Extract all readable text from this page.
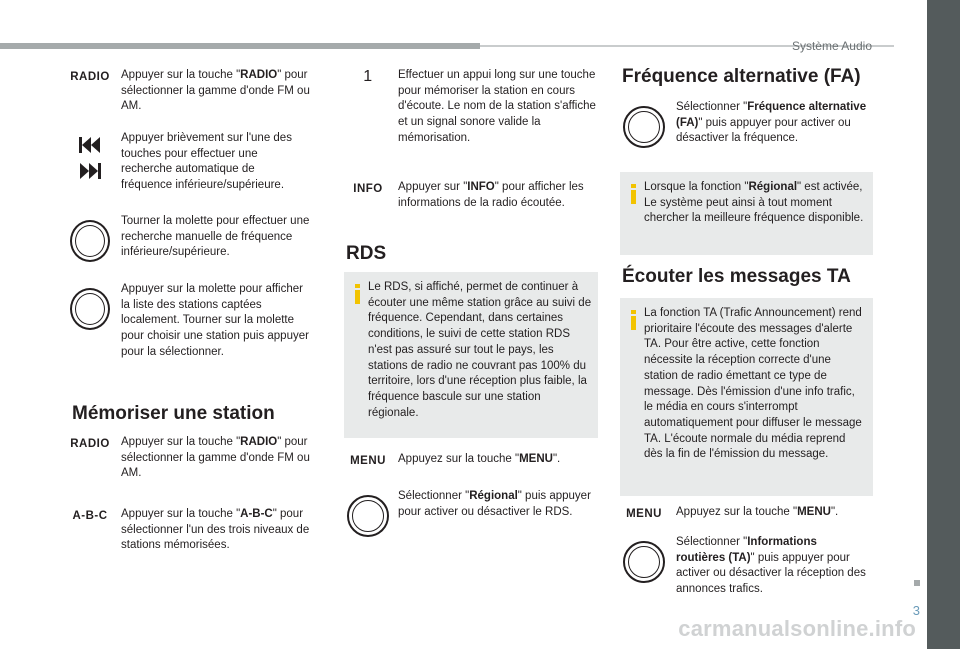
Système Audio
3
RADIO Appuyer sur la touche "RADIO" pour sélectionner la gamme d'onde FM ou AM.
Appuyer brièvement sur l'une des touches pour effectuer une recherche automatique de fréquence inférieure/supérieure.
Tourner la molette pour effectuer une recherche manuelle de fréquence inférieure/supérieure.
Appuyer sur la molette pour afficher la liste des stations captées localement. Tourner sur la molette pour choisir une station puis appuyer pour la sélectionner.
Mémoriser une station
RADIO Appuyer sur la touche "RADIO" pour sélectionner la gamme d'onde FM ou AM.
A-B-C Appuyer sur la touche "A-B-C" pour sélectionner l'un des trois niveaux de stations mémorisées.
1	Effectuer un appui long sur une touche pour mémoriser la station en cours d'écoute. Le nom de la station s'affiche et un signal sonore valide la mémorisation.
INFO	Appuyer sur "INFO" pour afficher les informations de la radio écoutée.
RDS
Le RDS, si affiché, permet de continuer à écouter une même station grâce au suivi de fréquence. Cependant, dans certaines conditions, le suivi de cette station RDS n'est pas assuré sur tout le pays, les stations de radio ne couvrant pas 100% du territoire, lors d'une réception plus faible, la fréquence bascule sur une station régionale.
MENU	Appuyez sur la touche "MENU".
Sélectionner "Régional" puis appuyer pour activer ou désactiver le RDS.
Fréquence alternative (FA)
Sélectionner "Fréquence alternative (FA)" puis appuyer pour activer ou désactiver la fréquence.
Lorsque la fonction "Régional" est activée, Le système peut ainsi à tout moment chercher la meilleure fréquence disponible.
Écouter les messages TA
La fonction TA (Trafic Announcement) rend prioritaire l'écoute des messages d'alerte TA. Pour être active, cette fonction nécessite la réception correcte d'une station de radio émettant ce type de message. Dès l'émission d'une info trafic, le média en cours s'interrompt automatiquement pour diffuser le message TA. L'écoute normale du média reprend dès la fin de l'émission du message.
MENU	Appuyez sur la touche "MENU".
Sélectionner "Informations routières (TA)" puis appuyer pour activer ou désactiver la réception des annonces trafics.
carmanualsonline.info
